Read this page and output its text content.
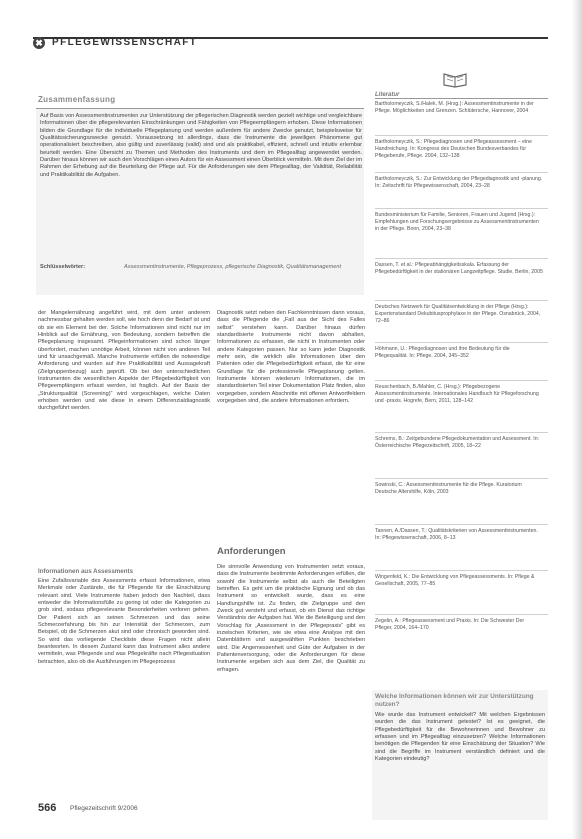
✖ PFLEGEWISSENSCHAFT
Zusammenfassung

Auf Basis von Assessmentinstrumenten zur Unterstützung der pflegerischen Diagnostik werden gezielt wichtige und vergleichbare Informationen über die pflegerelevanten Einschränkungen und Fähigkeiten von Pflegeempfängern erhoben. Diese Informationen bilden die Grundlage für die individuelle Pflegeplanung und werden außerdem für andere Zwecke genutzt, beispielsweise für Qualitätssicherungszwecke genutzt. Voraussetzung ist allerdings, dass die Instrumente die jeweiligen Phänomene gut operationalisiert beschreiben, also gültig und zuverlässig (valid) sind und als praktikabel, effizient, schnell und intuitiv erlernbar beurteilt werden. Eine Übersicht zu Themen und Methoden des Instruments und dem im Pflegealltag angewendet werden. Darüber hinaus können wir auch den Vorschlägen eines Autors für ein Assessment einen Überblick vermitteln. Mit dem Ziel der im Rahmen der Erhebung auf die Beurteilung der Pflege auf. Für die Anforderungen wie dem Pflegealltag, der Validität, Reliabilität und Praktikabilität die Aufgaben.

Schlüsselwörter:	Assessmentinstrumente, Pflegeprozess, pflegerische Diagnostik, Qualitätsmanagement

der Mangelernährung angeführt wird, mit dem unter anderem nachmessbar gehalten werden soll, wie hoch denn der Bedarf ist und ob sie ein Element bei der. Solche Informationen sind nicht nur im Hinblick auf die Ernährung, von Bedeutung, sondern betreffen die Pflegeplanung insgesamt. Pflegeinformationen sind schon länger überfordert, machen unnötige Arbeit, können nicht von anderen Teil und für unsachgemäß. Manche Instrumente erfüllen die notwendige Anforderung und wurden auf ihre Praktikabilität und Aussagekraft (Zielgruppenbezug) auch geprüft. Ob bei den unterschiedlichen Instrumenten die wesentlichen Aspekte der Pflegebedürftigkeit von Pflegeempfängern erfasst werden, ist fraglich. Auf der Basis der „Strukturqualität (Screening)“ wird vorgeschlagen, welche Daten erhoben werden und wie diese in einem Differenzialdiagnostik durchgeführt werden.

Informationen aus Assessments

Eine Zufallsvariable des Assessments erfasst Informationen, etwa Merkmale oder Zustände, die für Pflegende für die Einschätzung relevant sind. Viele Instrumente haben jedoch den Nachteil, dass entweder die Informationsfülle zu gering ist oder die Kategorien zu grob sind, sodass pflegerelevante Besonderheiten verloren gehen. Der Patient sich an seinen Schmerzen und das seine Schmerzerfahrung bis hin zur Intensität der Schmerzen, zum Beispiel, ob die Schmerzen akut sind oder chronisch geworden sind. So wird das vorliegende Checkliste diese Fragen nicht allein beantworten. In diesem Zustand kann das Instrument alles andere vermitteln, was Pflegende und was Pflegekräfte nach Pflegesituation betrachten, also ob die Ausführungen im Pflegeprozess

Diagnostik setzt neben den Fachkenntnissen dann voraus, dass die Pflegende die „Fall aus der Sicht des Falles selbst“ verstehen kann. Darüber hinaus dürfen standardisierte Instrumente nicht davon abhalten, Informationen zu erfassen, die nicht in Instrumenten oder andere Kategorien passen. Nur so kann jeder Diagnostik mehr sein, die wirklich alle Informationen über den Patienten oder die Pflegebedürftigkeit erfasst, die für eine Grundlage für die professionelle Pflegeplanung gelten. Instrumente können wiederum Informationen, die im standardisierten Teil einer Dokumentation Platz finden, also vorgegeben, sondern Abschnitte mit offenen Antwortfeldern vorgegeben sind, die andere Informationen erfordern.

Anforderungen

Die sinnvolle Anwendung von Instrumenten setzt voraus, dass die Instrumente bestimmte Anforderungen erfüllen, die sowohl die Instrumente selbst als auch die Beteiligten betreffen. Es geht um die praktische Eignung und ob das Instrument so entwickelt wurde, dass es eine Handlungshilfe ist. Zu finden, die Zielgruppe und den Zweck gut versteht und erfasst, ob ein Dienst das richtige Verständnis der Aufgaben hat. Wie die Beteiligung und den Vorschlag für „Assessment in der Pflegepraxis“ gibt es inzwischen Kriterien, wie sie etwa eine Analyse mit den Datenblättern und ausgewählten Punkten beschrieben wird. Die Angemessenheit und Güte der Aufgaben in der Patientenversorgung, oder die Anforderungen für diese Instrumente ergeben sich aus dem Ziel, die Qualität zu erfragen.

566 Pflegezeitschrift 9/2006
Literatur

Bartholomeyczik, S./Halek, M. (Hrsg.): Assessmentinstrumente in der Pflege. Möglichkeiten und Grenzen. Schlütersche, Hannover, 2004

Bartholomeyczik, S.: Pflegediagnosen und Pflegeassessment – eine Handreichung. In: Kongress des Deutschen Bundesverbandes für Pflegeberufe, Pflege. 2004, 132–138

Bartholomeyczik, S.: Zur Entwicklung der Pflegediagnostik und -planung. In: Zeitschrift für Pflegewissenschaft, 2004, 23–28

Bundesministerium für Familie, Senioren, Frauen und Jugend (Hrsg.): Empfehlungen und Forschungsergebnisse zu Assessmentinstrumenten in der Pflege. Bonn, 2004, 23–38

Dassen, T. et al.: Pflegeabhängigkeitsskala. Erfassung der Pflegebedürftigkeit in der stationären Langzeitpflege. Studie, Berlin, 2005

Deutsches Netzwerk für Qualitätsentwicklung in der Pflege (Hrsg.): Expertenstandard Dekubitusprophylaxe in der Pflege. Osnabrück, 2004, 72–86

Höhmann, U.: Pflegediagnosen und ihre Bedeutung für die Pflegequalität. In: Pflege, 2004, 345–352

Reuschenbach, B./Mahler, C. (Hrsg.): Pflegebezogene Assessmentinstrumente. Internationales Handbuch für Pflegeforschung und -praxis. Hogrefe, Bern, 2011, 128–142

Schrems, B.: Zeitgebundene Pflegedokumentation und Assessment. In: Österreichische Pflegezeitschrift, 2005, 18–22

Sowinski, C.: Assessmentinstrumente für die Pflege. Kuratorium Deutsche Altershilfe, Köln, 2003

Tannen, A./Dassen, T.: Qualitätskriterien von Assessmentinstrumenten. In: Pflegewissenschaft, 2006, 8–13

Wingenfeld, K.: Die Entwicklung von Pflegeassessments. In: Pflege & Gesellschaft, 2005, 77–85

Zegelin, A.: Pflegeassessment und Praxis. In: Die Schwester Der Pfleger, 2004, 164–170

Welche Informationen können wir zur Unterstützung nutzen?

Wie wurde das Instrument entwickelt? Mit welchen Ergebnissen wurden die das Instrument getestet? Ist es geeignet, die Pflegebedürftigkeit für die Bewohnerinnen und Bewohner zu erfassen und im Pflegealltag einzusetzen? Welche Informationen benötigen die Pflegenden für eine Einschätzung der Situation? Wie sind die Begriffe im Instrument verständlich definiert und die Kategorien eindeutig?
